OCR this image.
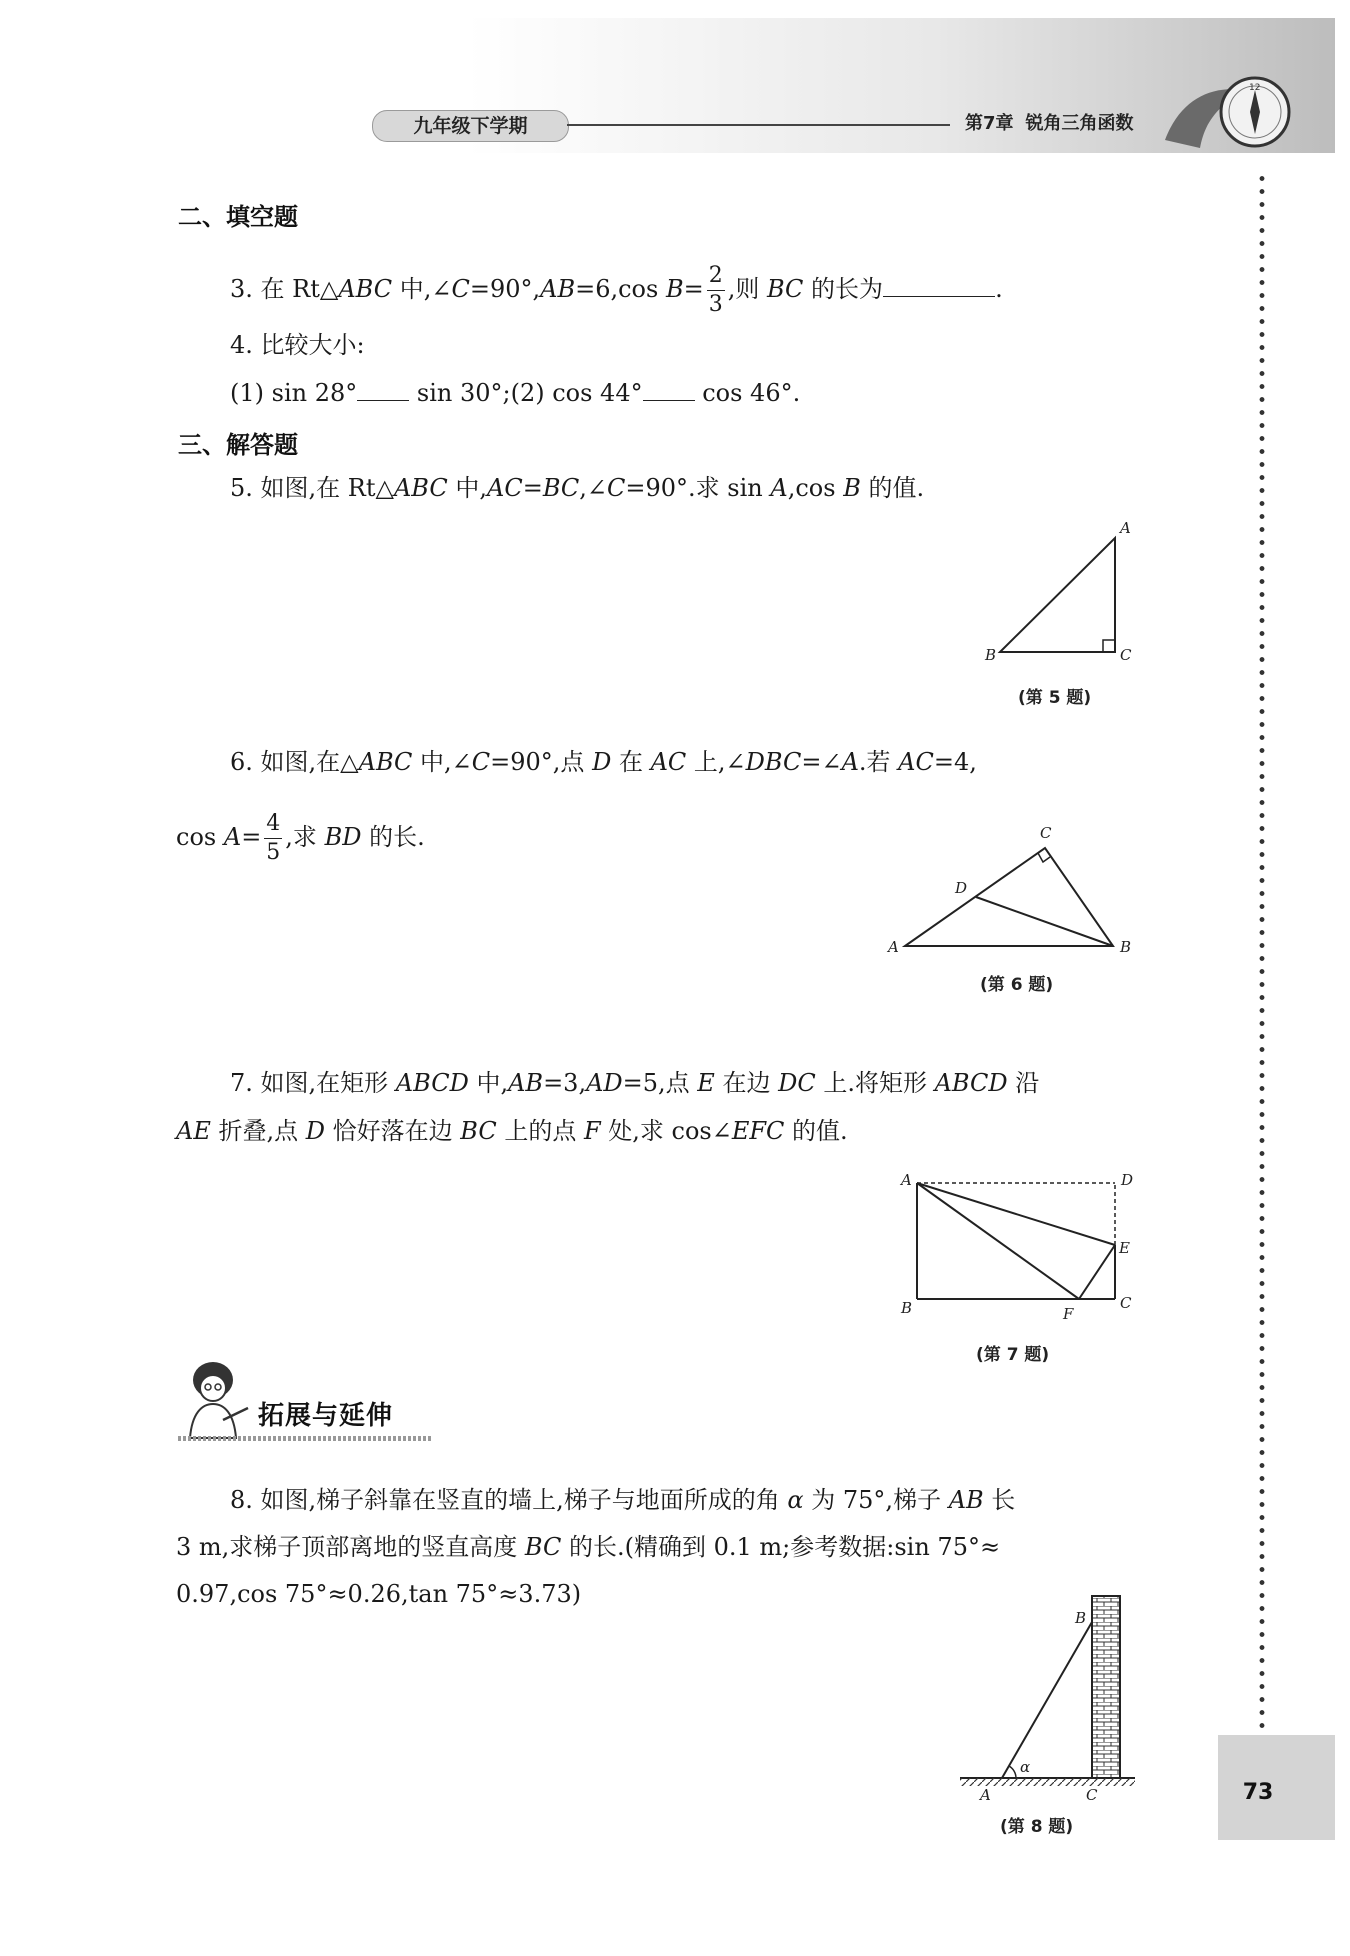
九年级下学期	第7章 锐角三角函数
12
73
二、填空题
3. 在 Rt△ABC 中,∠C=90°,AB=6,cos $B= \frac{2}{3}$ ,则 BC 的长为	.
4. 比较大小:
(1) sin 28° sin 30°;(2) cos 44° cos 46°.
三、解答题
5. 如图,在 Rt△ABC 中,AC=BC,∠C=90°.求 sin A,cos B 的值.
A
B	C
(第 5 题)
6. 如图,在△ABC 中,∠C=90°,点 D 在 AC 上,∠DBC=∠A.若 AC=4,
$\cos A= \frac{4}{5}$ ,求 BD 的长.	C
D
A	B
(第 6 题)
7. 如图,在矩形 ABCD 中,AB=3,AD=5,点 E 在边 DC 上.将矩形 ABCD 沿
AE 折叠,点 D 恰好落在边 BC 上的点 F 处,求 cos∠EFC 的值.
A	D
E
B	C
F
(第 7 题)
拓展与延伸
8. 如图,梯子斜靠在竖直的墙上,梯子与地面所成的角 α 为 75°,梯子 AB 长
3 m,求梯子顶部离地的竖直高度 BC 的长.(精确到 0.1 m;参考数据:sin 75°≈
0.97,cos 75°≈0.26,tan 75°≈3.73)
B
α
A	C
(第 8 题)
